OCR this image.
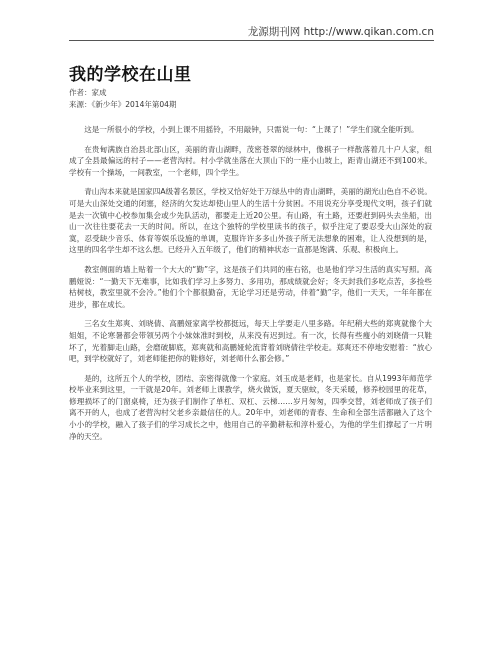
龙源期刊网 http://www.qikan.com.cn
我的学校在山里
作者：家成
来源：《新少年》2014年第04期

这是一所很小的学校，小到上课不用摇铃，不用敲钟，只需说一句：“上课了！”学生们就全能听到。

在贵甸满族自治县北部山区，美丽的青山湖畔，茂密苍翠的绿林中，像棋子一样散落着几十户人家，组成了全县最偏远的村子——老营沟村。村小学就坐落在大顶山下的一座小山坡上，距青山湖还不到100米。学校有一个操场，一间教室，一个老师，四个学生。

青山沟本来就是国家四A级著名景区，学校又恰好处于万绿丛中的青山湖畔，美丽的湖光山色自不必说。可是大山深处交通的闭塞，经济的欠发达却使山里人的生活十分贫困。不用说充分享受现代文明，孩子们就是去一次镇中心校参加集会或少先队活动，都要走上近20公里。有山路，有土路，还要赶到码头去坐船，出山一次往往要花去一天的时间。所以，在这个独特的学校里读书的孩子，似乎注定了要忍受大山深处的寂寞，忍受缺少音乐、体育等娱乐设施的单调，克服许许多多山外孩子所无法想象的困难，让人没想到的是，这里的四名学生却不这么想。已经升入五年级了，他们的精神状态一直都是饱满、乐观、积极向上。

教室侧面的墙上贴着一个大大的“勤”字，这是孩子们共同的座右铭，也是他们学习生活的真实写照。高鹏娅说：“一勤天下无难事，比如我们学习上多努力、多用功，那成绩就会好；冬天封我们多吃点苦，多捡些枯树枝，教室里就不会冷。”他们个个都很勤奋，无论学习还是劳动，伴着“勤”字，他们一天天，一年年都在进步，都在成长。

三名女生郑爽、刘晓倩、高鹏娅家离学校都挺远，每天上学要走八里多路。年纪稍大些的郑爽就像个大姐姐，不论寒暑都会带领另两个小妹妹准时到校，从来没有迟到过。有一次，长得有些瘦小的刘晓倩一只鞋坏了，光着脚走山路，会磨破脚底，郑爽就和高鹏娅轮流背着刘晓倩往学校走。郑爽还不停地安慰着：“放心吧，到学校就好了，刘老师能把你的鞋修好，刘老师什么都会修。”

是的，这所五个人的学校，团结、亲密得就像一个家庭。刘玉成是老师，也是家长。自从1993年师范学校毕业来到这里，一干就是20年。刘老师上课教学，烧火做饭，夏天驱蚊，冬天采暖，修养校园里的花草，修理损坏了的门窗桌椅，还为孩子们制作了单杠、双杠、云梯……岁月匆匆，四季交替，刘老师成了孩子们离不开的人，也成了老营沟村父老乡亲最信任的人。20年中，刘老师的青春、生命和全部生活都融入了这个小小的学校，融入了孩子们的学习成长之中，他用自己的辛勤耕耘和淳朴爱心，为他的学生们撑起了一片明净的天空。
